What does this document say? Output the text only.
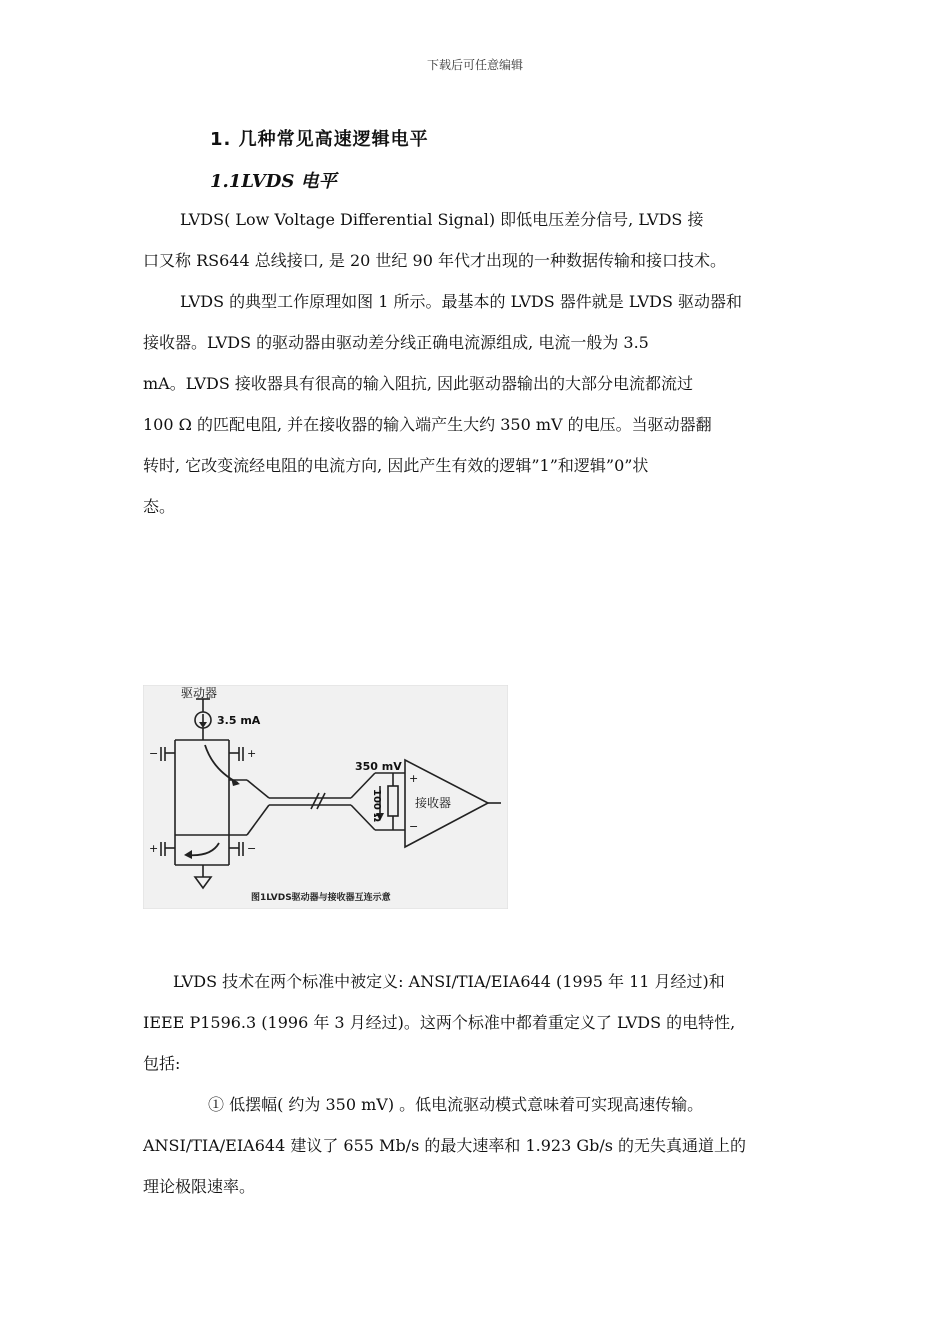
下载后可任意编辑
1. 几种常见高速逻辑电平
1.1LVDS 电平
LVDS( Low Voltage Differential Signal) 即低电压差分信号, LVDS 接
口又称 RS644 总线接口, 是 20 世纪 90 年代才出现的一种数据传输和接口技术。
LVDS 的典型工作原理如图 1 所示。最基本的 LVDS 器件就是 LVDS 驱动器和
接收器。LVDS 的驱动器由驱动差分线正确电流源组成, 电流一般为 3.5
mA。LVDS 接收器具有很高的输入阻抗, 因此驱动器输出的大部分电流都流过
100 Ω 的匹配电阻, 并在接收器的输入端产生大约 350 mV 的电压。当驱动器翻
转时, 它改变流经电阻的电流方向, 因此产生有效的逻辑”1”和逻辑”0”状
态。
驱动器
3.5 mA
350 mV
100 Ω	接收器
+
−
−
+
+
−
图1LVDS驱动器与接收器互连示意
LVDS 技术在两个标准中被定义: ANSI/TIA/EIA644 (1995 年 11 月经过)和
IEEE P1596.3 (1996 年 3 月经过)。这两个标准中都着重定义了 LVDS 的电特性,
包括:
① 低摆幅( 约为 350 mV) 。低电流驱动模式意味着可实现高速传输。
ANSI/TIA/EIA644 建议了 655 Mb/s 的最大速率和 1.923 Gb/s 的无失真通道上的
理论极限速率。
